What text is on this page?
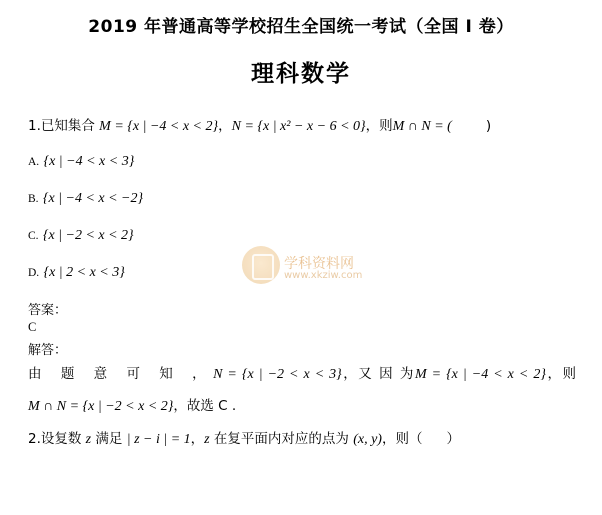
2019 年普通高等学校招生全国统一考试（全国 Ⅰ 卷）
理科数学
1.已知集合 M = {x | −4 < x < 2}，N = {x | x² − x − 6 < 0}，则M ∩ N = (	)
A. {x | −4 < x < 3}
B. {x | −4 < x < −2}
C. {x | −2 < x < 2}
D. {x | 2 < x < 3}
答案：
C
解答：
由 题 意 可 知 ，N = {x | −2 < x < 3}，又 因 为M = {x | −4 < x < 2}，则
M ∩ N = {x | −2 < x < 2}，故选 C .
2.设复数 z 满足 | z − i | = 1，z 在复平面内对应的点为 (x, y)，则（ ）
学科资料网
www.xkziw.com
